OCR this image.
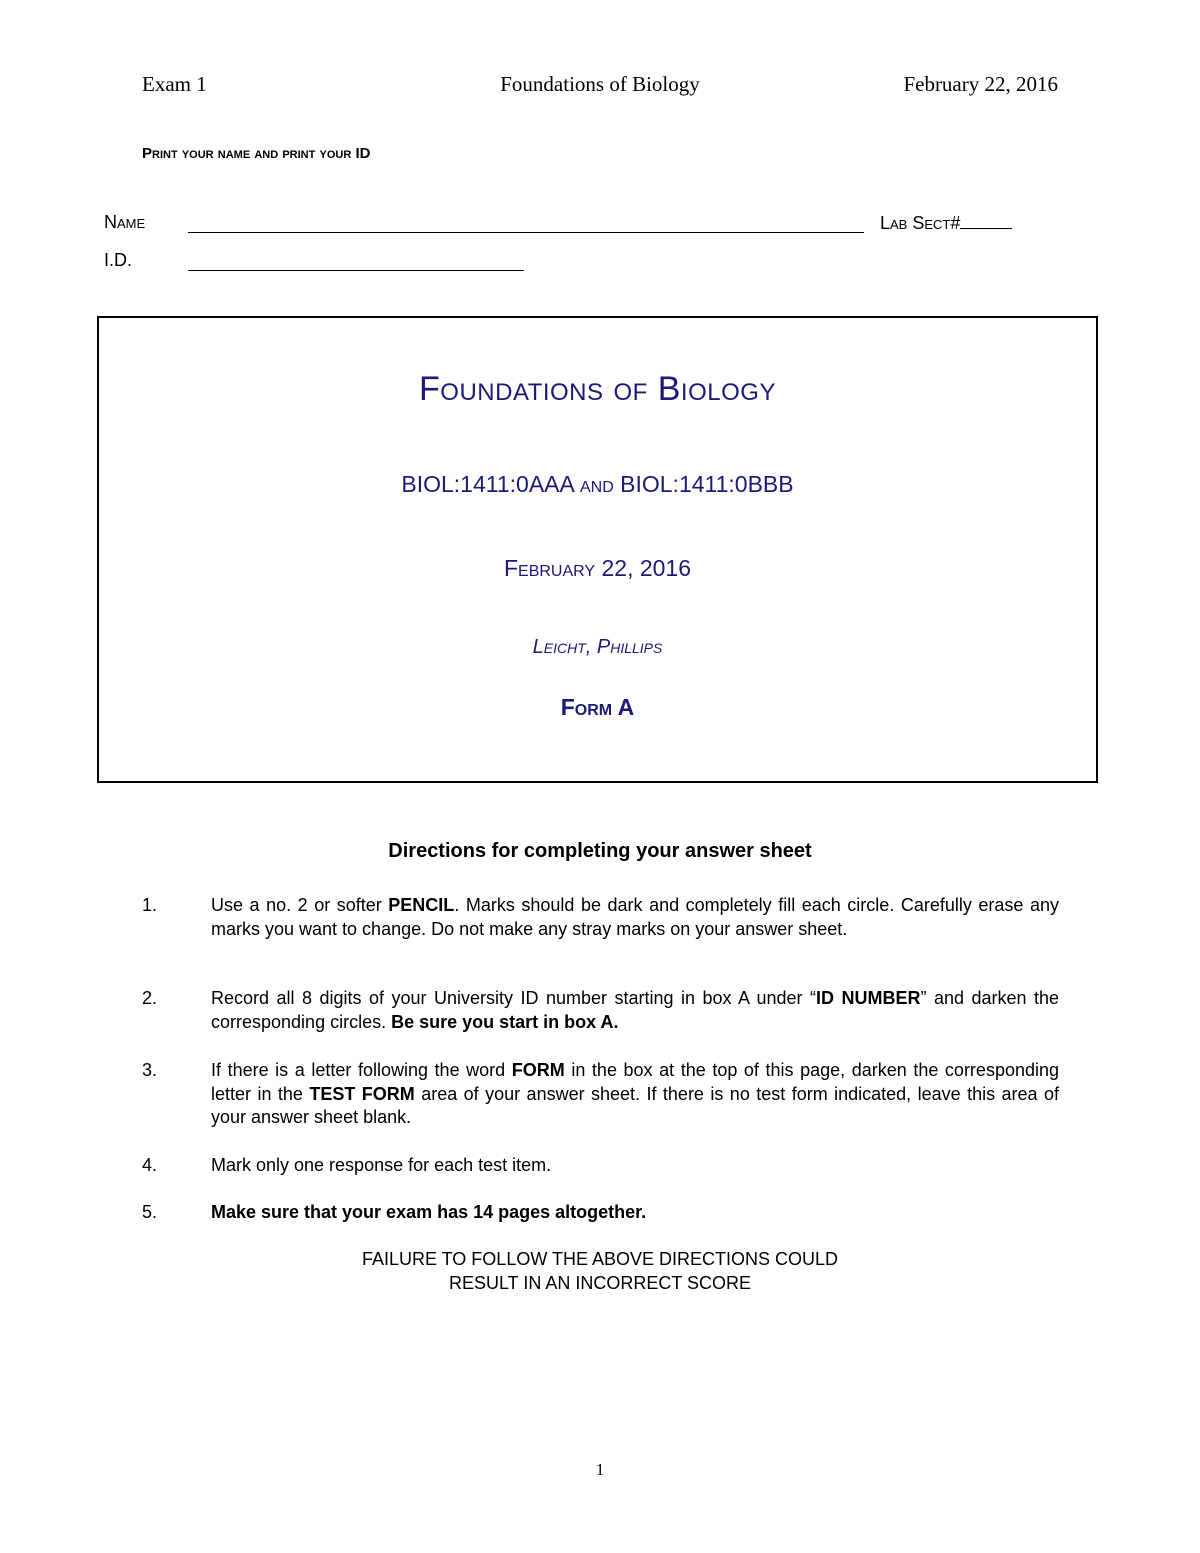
Exam 1	Foundations of Biology	February 22, 2016
Print your name and print your ID
Name	Lab Sect#
I.D.
Foundations of Biology
BIOL:1411:0AAA AND BIOL:1411:0BBB
February 22, 2016
Leicht, Phillips
Form A
Directions for completing your answer sheet
1.	Use a no. 2 or softer PENCIL. Marks should be dark and completely fill each circle. Carefully erase any marks you want to change. Do not make any stray marks on your answer sheet.
2.	Record all 8 digits of your University ID number starting in box A under “ID NUMBER” and darken the corresponding circles. Be sure you start in box A.
3.	If there is a letter following the word FORM in the box at the top of this page, darken the corresponding letter in the TEST FORM area of your answer sheet. If there is no test form indicated, leave this area of your answer sheet blank.
4.	Mark only one response for each test item.
5.	Make sure that your exam has 14 pages altogether.
FAILURE TO FOLLOW THE ABOVE DIRECTIONS COULD
RESULT IN AN INCORRECT SCORE
1
